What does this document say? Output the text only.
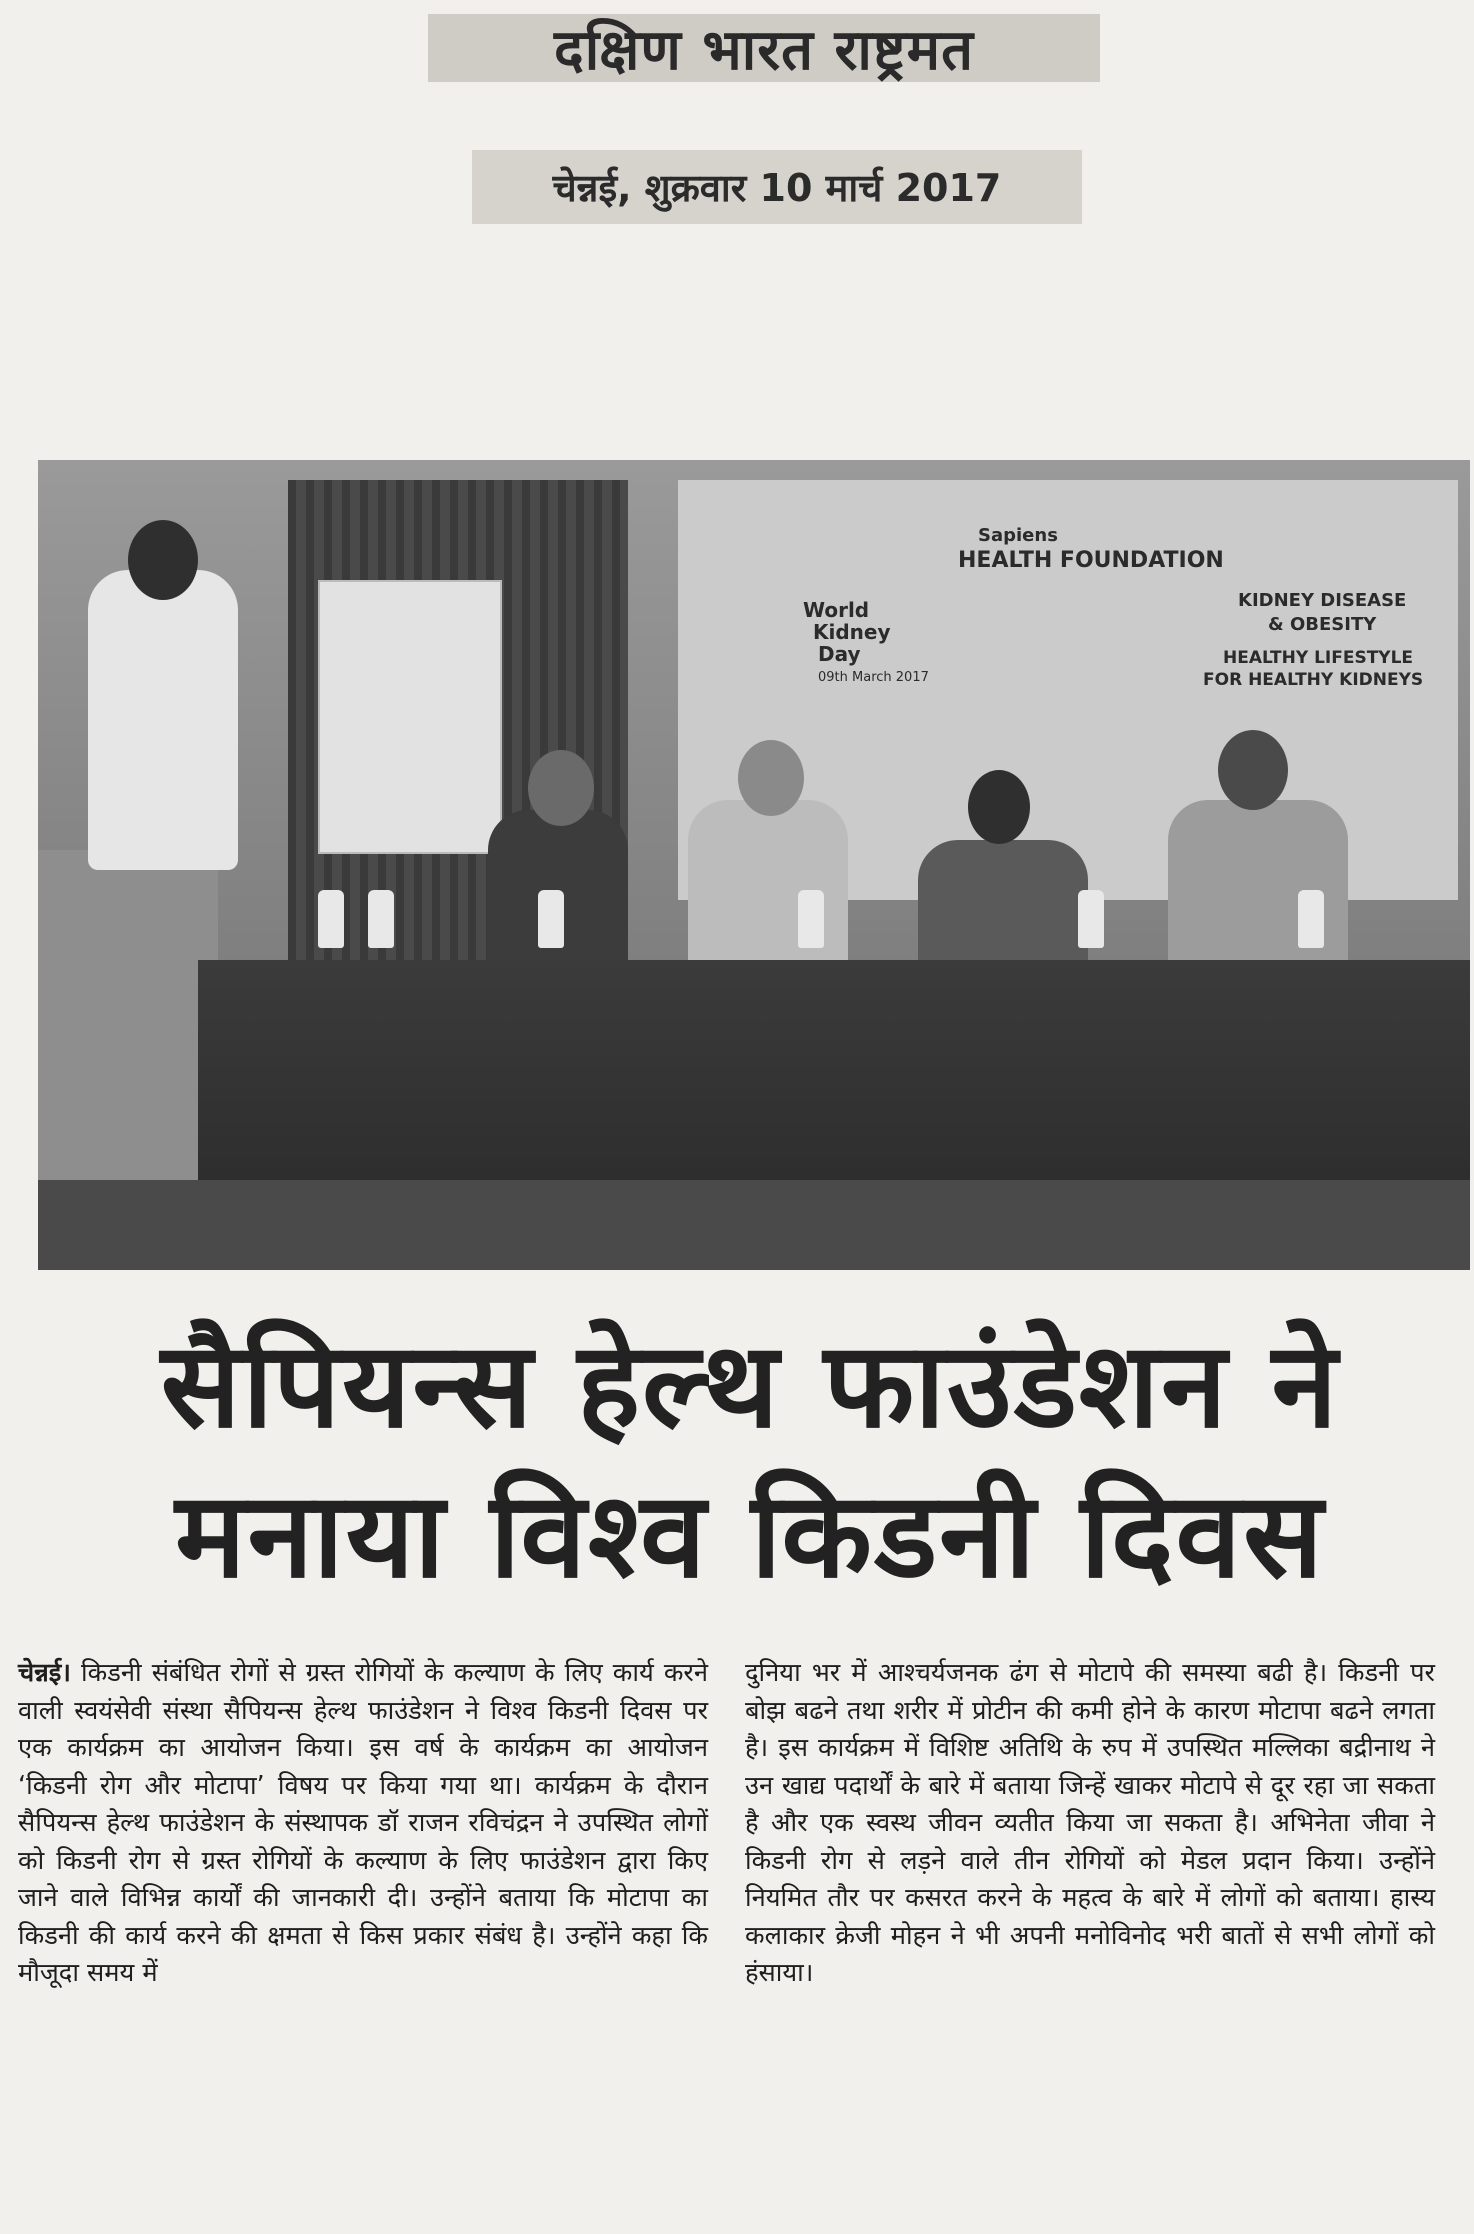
दक्षिण भारत राष्ट्रमत
चेन्नई, शुक्रवार 10 मार्च 2017
Sapiens
HEALTH FOUNDATION
World
Kidney
Day
09th March 2017
KIDNEY DISEASE
& OBESITY
HEALTHY LIFESTYLE
FOR HEALTHY KIDNEYS
सैपियन्स हेल्थ फाउंडेशन ने
मनाया विश्व किडनी दिवस

चेन्नई। किडनी संबंधित रोगों से ग्रस्त रोगियों के कल्याण के लिए कार्य करने वाली स्वयंसेवी संस्था सैपियन्स हेल्थ फाउंडेशन ने विश्व किडनी दिवस पर एक कार्यक्रम का आयोजन किया। इस वर्ष के कार्यक्रम का आयोजन ‘किडनी रोग और मोटापा’ विषय पर किया गया था। कार्यक्रम के दौरान सैपियन्स हेल्थ फाउंडेशन के संस्थापक डॉ राजन रविचंद्रन ने उपस्थित लोगों को किडनी रोग से ग्रस्त रोगियों के कल्याण के लिए फाउंडेशन द्वारा किए जाने वाले विभिन्न कार्यों की जानकारी दी। उन्होंने बताया कि मोटापा का किडनी की कार्य करने की क्षमता से किस प्रकार संबंध है। उन्होंने कहा कि मौजूदा समय में

दुनिया भर में आश्चर्यजनक ढंग से मोटापे की समस्या बढी है। किडनी पर बोझ बढने तथा शरीर में प्रोटीन की कमी होने के कारण मोटापा बढने लगता है। इस कार्यक्रम में विशिष्ट अतिथि के रुप में उपस्थित मल्लिका बद्रीनाथ ने उन खाद्य पदार्थों के बारे में बताया जिन्हें खाकर मोटापे से दूर रहा जा सकता है और एक स्वस्थ जीवन व्यतीत किया जा सकता है। अभिनेता जीवा ने किडनी रोग से लड़ने वाले तीन रोगियों को मेडल प्रदान किया। उन्होंने नियमित तौर पर कसरत करने के महत्व के बारे में लोगों को बताया। हास्य कलाकार क्रेजी मोहन ने भी अपनी मनोविनोद भरी बातों से सभी लोगों को हंसाया।
